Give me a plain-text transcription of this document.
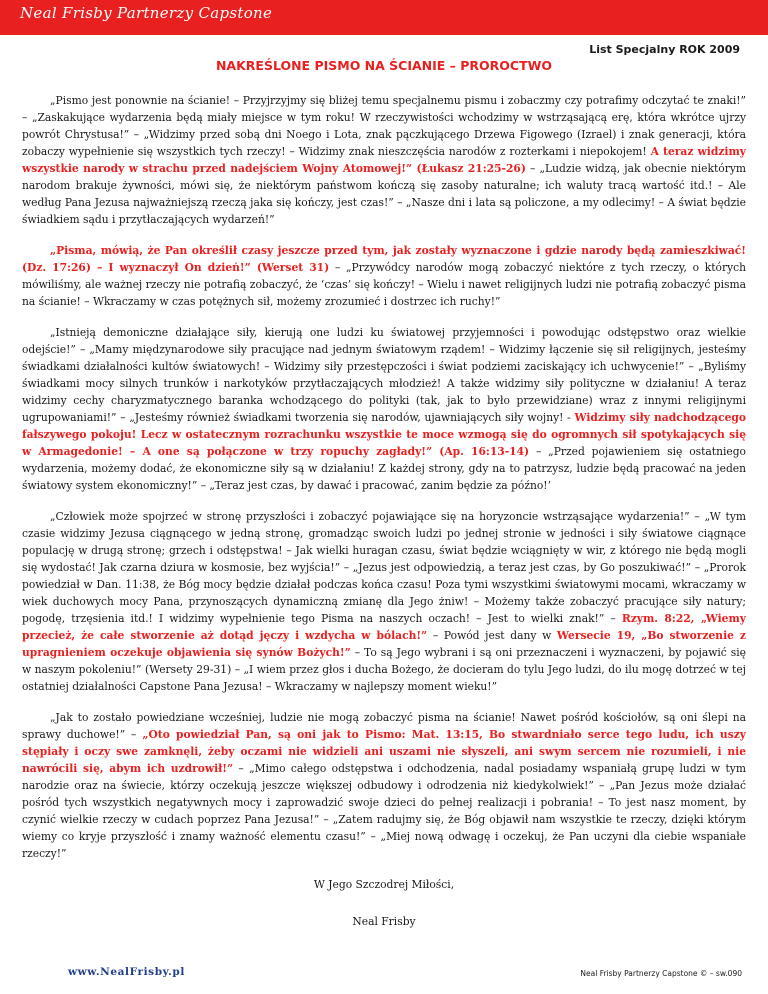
Neal Frisby Partnerzy Capstone
List Specjalny ROK 2009
NAKREŚLONE PISMO NA ŚCIANIE – PROROCTWO

„Pismo jest ponownie na ścianie! – Przyjrzyjmy się bliżej temu specjalnemu pismu i zobaczmy czy potrafimy odczytać te znaki!” – „Zaskakujące wydarzenia będą miały miejsce w tym roku! W rzeczywistości wchodzimy w wstrząsającą erę, która wkrótce ujrzy powrót Chrystusa!” – „Widzimy przed sobą dni Noego i Lota, znak pączkującego Drzewa Figowego (Izrael) i znak generacji, która zobaczy wypełnienie się wszystkich tych rzeczy! – Widzimy znak nieszczęścia narodów z rozterkami i niepokojem! A teraz widzimy wszystkie narody w strachu przed nadejściem Wojny Atomowej!” (Łukasz 21:25-26) – „Ludzie widzą, jak obecnie niektórym narodom brakuje żywności, mówi się, że niektórym państwom kończą się zasoby naturalne; ich waluty tracą wartość itd.! – Ale według Pana Jezusa najważniejszą rzeczą jaka się kończy, jest czas!” – „Nasze dni i lata są policzone, a my odlecimy! – A świat będzie świadkiem sądu i przytłaczających wydarzeń!”

„Pisma, mówią, że Pan określił czasy jeszcze przed tym, jak zostały wyznaczone i gdzie narody będą zamieszkiwać! (Dz. 17:26) – I wyznaczył On dzień!” (Werset 31) – „Przywódcy narodów mogą zobaczyć niektóre z tych rzeczy, o których mówiliśmy, ale ważnej rzeczy nie potrafią zobaczyć, że ‘czas’ się kończy! – Wielu i nawet religijnych ludzi nie potrafią zobaczyć pisma na ścianie! – Wkraczamy w czas potężnych sił, możemy zrozumieć i dostrzec ich ruchy!”

„Istnieją demoniczne działające siły, kierują one ludzi ku światowej przyjemności i powodując odstępstwo oraz wielkie odejście!” – „Mamy międzynarodowe siły pracujące nad jednym światowym rządem! – Widzimy łączenie się sił religijnych, jesteśmy świadkami działalności kultów światowych! – Widzimy siły przestępczości i świat podziemi zaciskający ich uchwycenie!” – „Byliśmy świadkami mocy silnych trunków i narkotyków przytłaczających młodzież! A także widzimy siły polityczne w działaniu! A teraz widzimy cechy charyzmatycznego baranka wchodzącego do polityki (tak, jak to było przewidziane) wraz z innymi religijnymi ugrupowaniami!” – „Jesteśmy również świadkami tworzenia się narodów, ujawniających siły wojny! - Widzimy siły nadchodzącego fałszywego pokoju! Lecz w ostatecznym rozrachunku wszystkie te moce wzmogą się do ogromnych sił spotykających się w Armagedonie! – A one są połączone w trzy ropuchy zagłady!” (Ap. 16:13-14) – „Przed pojawieniem się ostatniego wydarzenia, możemy dodać, że ekonomiczne siły są w działaniu! Z każdej strony, gdy na to patrzysz, ludzie będą pracować na jeden światowy system ekonomiczny!” – „Teraz jest czas, by dawać i pracować, zanim będzie za późno!’

„Człowiek może spojrzeć w stronę przyszłości i zobaczyć pojawiające się na horyzoncie wstrząsające wydarzenia!” – „W tym czasie widzimy Jezusa ciągnącego w jedną stronę, gromadząc swoich ludzi po jednej stronie w jedności i siły światowe ciągnące populację w drugą stronę; grzech i odstępstwa! – Jak wielki huragan czasu, świat będzie wciągnięty w wir, z którego nie będą mogli się wydostać! Jak czarna dziura w kosmosie, bez wyjścia!” – „Jezus jest odpowiedzią, a teraz jest czas, by Go poszukiwać!” – „Prorok powiedział w Dan. 11:38, że Bóg mocy będzie działał podczas końca czasu! Poza tymi wszystkimi światowymi mocami, wkraczamy w wiek duchowych mocy Pana, przynoszących dynamiczną zmianę dla Jego żniw! – Możemy także zobaczyć pracujące siły natury; pogodę, trzęsienia itd.! I widzimy wypełnienie tego Pisma na naszych oczach! – Jest to wielki znak!” – Rzym. 8:22, „Wiemy przecież, że całe stworzenie aż dotąd jęczy i wzdycha w bólach!” – Powód jest dany w Wersecie 19, „Bo stworzenie z upragnieniem oczekuje objawienia się synów Bożych!” – To są Jego wybrani i są oni przeznaczeni i wyznaczeni, by pojawić się w naszym pokoleniu!” (Wersety 29-31) – „I wiem przez głos i ducha Bożego, że docieram do tylu Jego ludzi, do ilu mogę dotrzeć w tej ostatniej działalności Capstone Pana Jezusa! – Wkraczamy w najlepszy moment wieku!”

„Jak to zostało powiedziane wcześniej, ludzie nie mogą zobaczyć pisma na ścianie! Nawet pośród kościołów, są oni ślepi na sprawy duchowe!” – „Oto powiedział Pan, są oni jak to Pismo: Mat. 13:15, Bo stwardniało serce tego ludu, ich uszy stępiały i oczy swe zamknęli, żeby oczami nie widzieli ani uszami nie słyszeli, ani swym sercem nie rozumieli, i nie nawrócili się, abym ich uzdrowił!” – „Mimo całego odstępstwa i odchodzenia, nadal posiadamy wspaniałą grupę ludzi w tym narodzie oraz na świecie, którzy oczekują jeszcze większej odbudowy i odrodzenia niż kiedykolwiek!” – „Pan Jezus może działać pośród tych wszystkich negatywnych mocy i zaprowadzić swoje dzieci do pełnej realizacji i pobrania! – To jest nasz moment, by czynić wielkie rzeczy w cudach poprzez Pana Jezusa!” – „Zatem radujmy się, że Bóg objawił nam wszystkie te rzeczy, dzięki którym wiemy co kryje przyszłość i znamy ważność elementu czasu!” – „Miej nową odwagę i oczekuj, że Pan uczyni dla ciebie wspaniałe rzeczy!”

W Jego Szczodrej Miłości,

Neal Frisby

www.NealFrisby.pl	Neal Frisby Partnerzy Capstone © – sw.090
